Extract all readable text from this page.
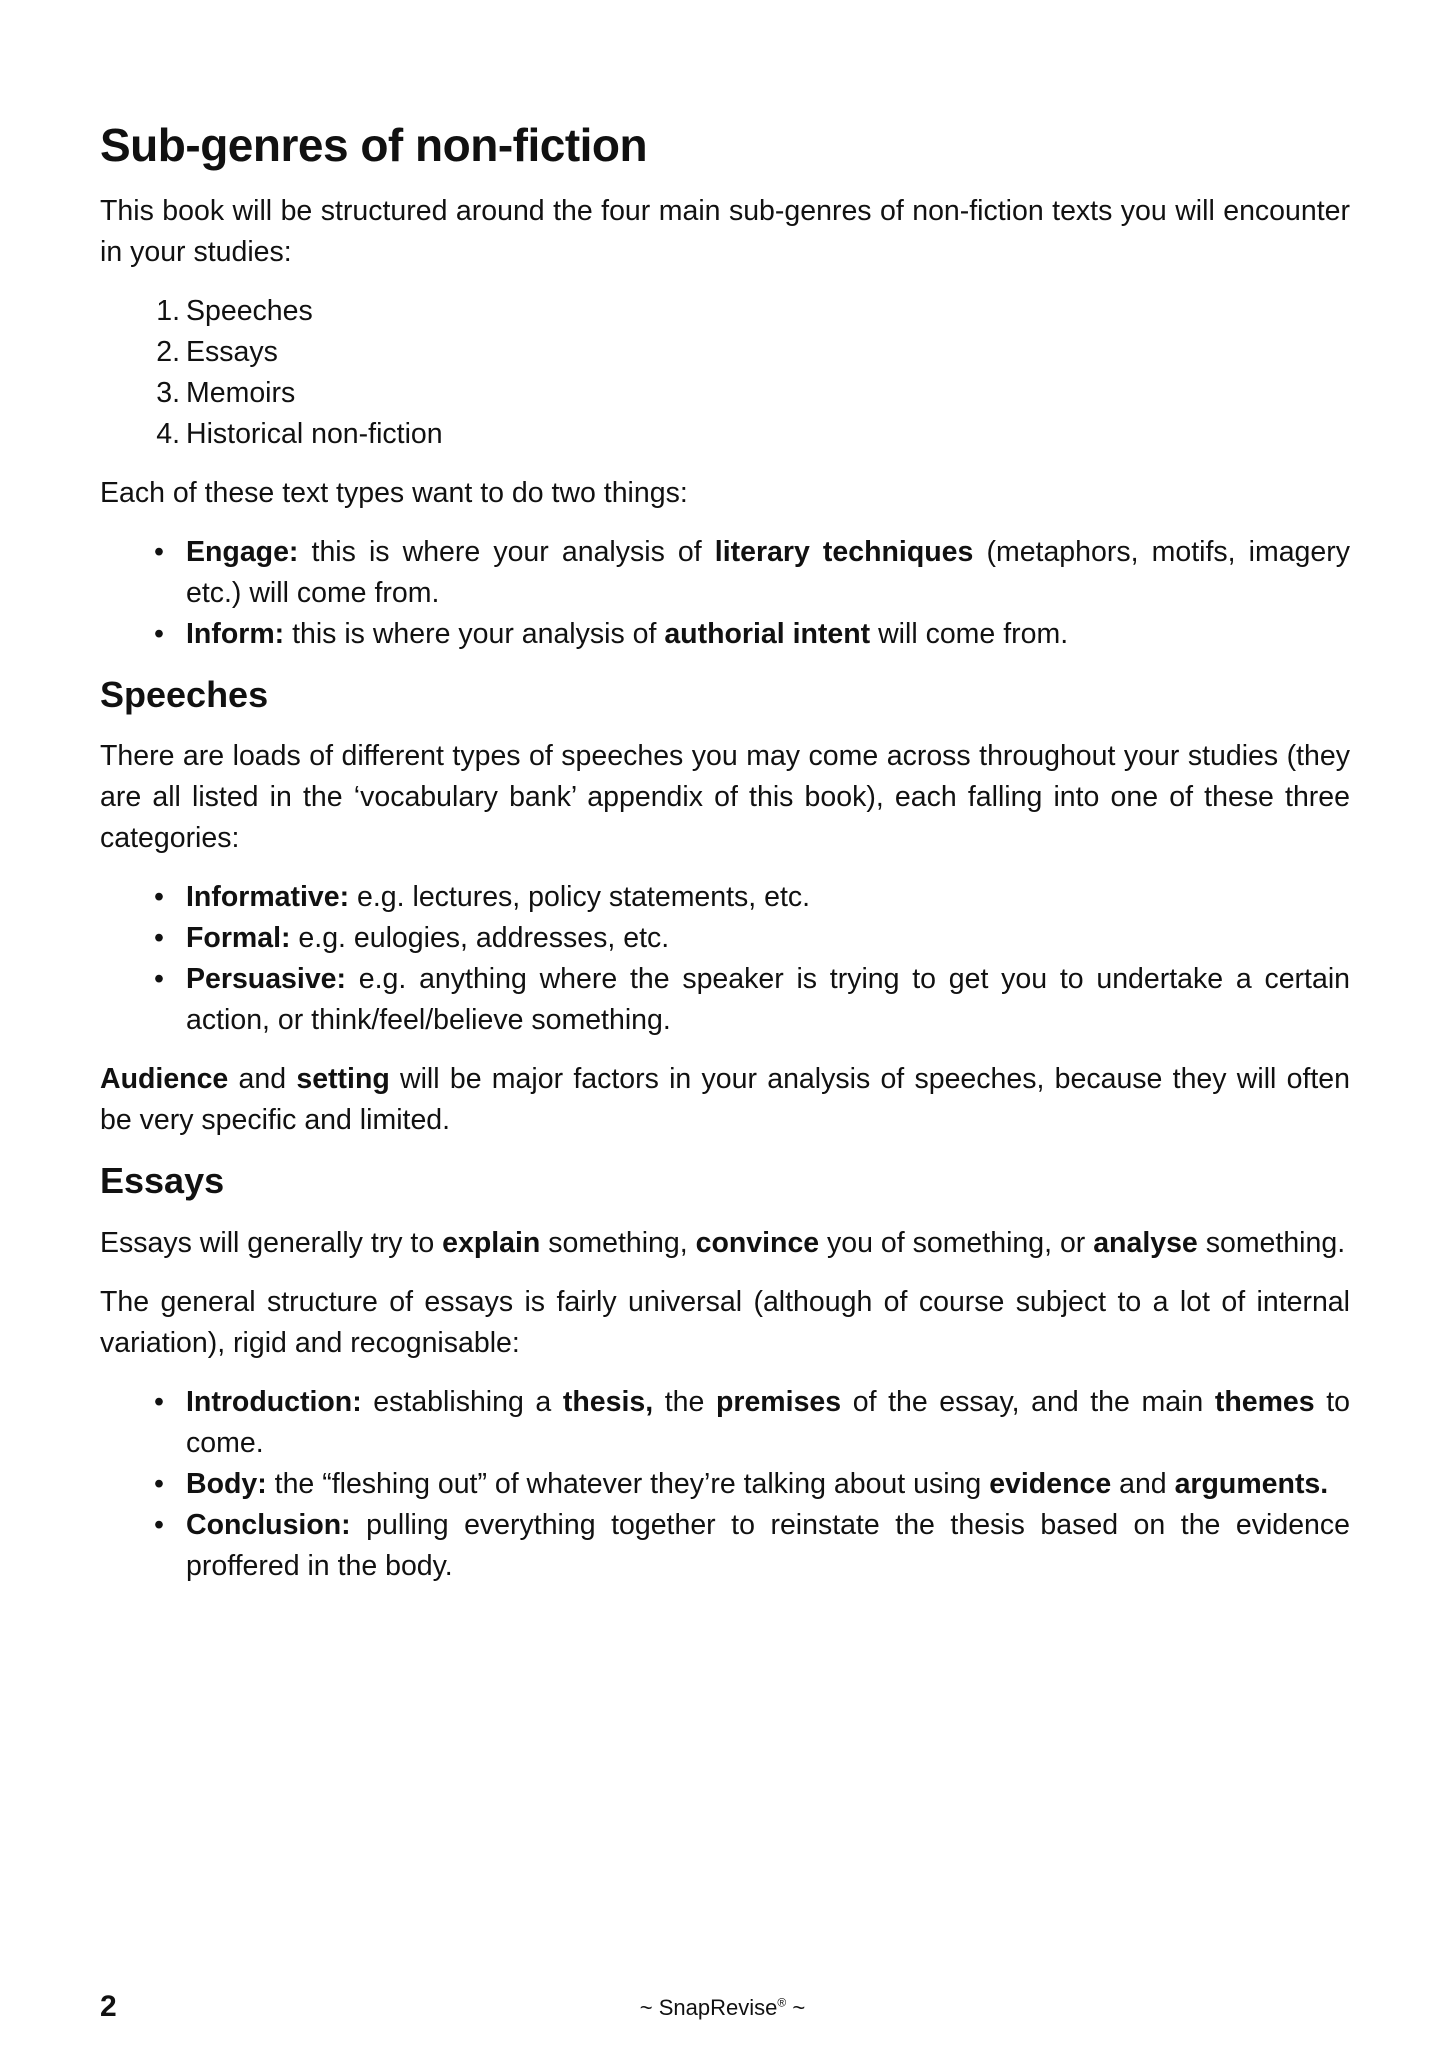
Sub-genres of non-fiction

This book will be structured around the four main sub-genres of non-fiction texts you will encounter in your studies:

1. Speeches
2. Essays
3. Memoirs
4. Historical non-fiction

Each of these text types want to do two things:

• Engage: this is where your analysis of literary techniques (metaphors, motifs, imagery etc.) will come from.
• Inform: this is where your analysis of authorial intent will come from.
Speeches

There are loads of different types of speeches you may come across throughout your studies (they are all listed in the ‘vocabulary bank’ appendix of this book), each falling into one of these three categories:

• Informative: e.g. lectures, policy statements, etc.
• Formal: e.g. eulogies, addresses, etc.
• Persuasive: e.g. anything where the speaker is trying to get you to undertake a certain action, or think/feel/believe something.

Audience and setting will be major factors in your analysis of speeches, because they will often be very specific and limited.

Essays

Essays will generally try to explain something, convince you of something, or analyse something.

The general structure of essays is fairly universal (although of course subject to a lot of internal variation), rigid and recognisable:

• Introduction: establishing a thesis, the premises of the essay, and the main themes to come.
• Body: the “fleshing out” of whatever they’re talking about using evidence and arguments.
• Conclusion: pulling everything together to reinstate the thesis based on the evidence proffered in the body.
2	~ SnapRevise® ~
